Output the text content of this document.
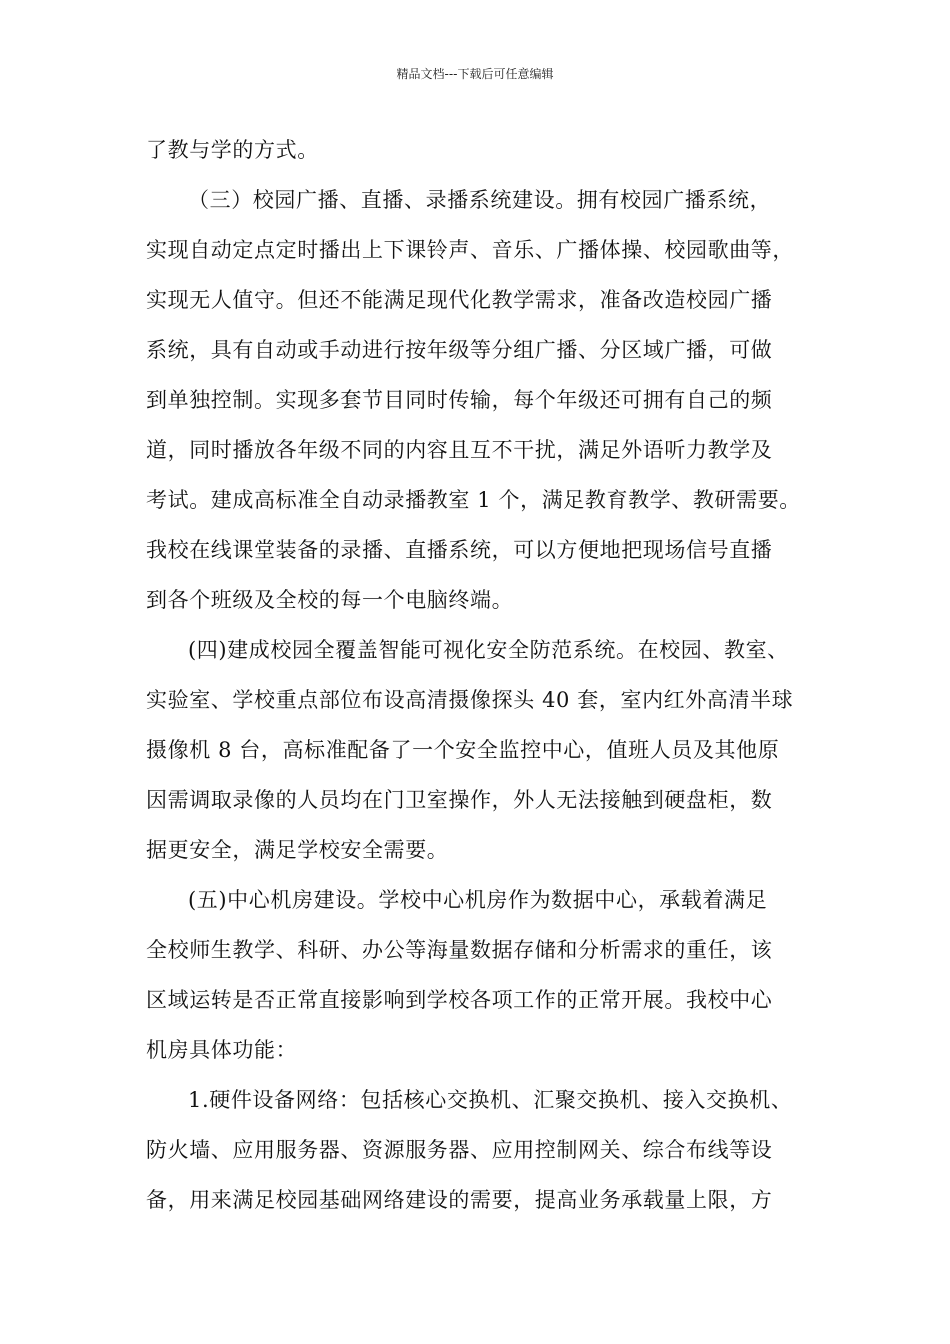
精品文档---下载后可任意编辑
了教与学的方式。
（三）校园广播、直播、录播系统建设。拥有校园广播系统，
实现自动定点定时播出上下课铃声、音乐、广播体操、校园歌曲等，
实现无人值守。但还不能满足现代化教学需求，准备改造校园广播
系统，具有自动或手动进行按年级等分组广播、分区域广播，可做
到单独控制。实现多套节目同时传输，每个年级还可拥有自己的频
道，同时播放各年级不同的内容且互不干扰，满足外语听力教学及
考试。建成高标准全自动录播教室 1 个，满足教育教学、教研需要。
我校在线课堂装备的录播、直播系统，可以方便地把现场信号直播
到各个班级及全校的每一个电脑终端。
(四)建成校园全覆盖智能可视化安全防范系统。在校园、教室、
实验室、学校重点部位布设高清摄像探头 40 套，室内红外高清半球
摄像机 8 台，高标准配备了一个安全监控中心，值班人员及其他原
因需调取录像的人员均在门卫室操作，外人无法接触到硬盘柜，数
据更安全，满足学校安全需要。
(五)中心机房建设。学校中心机房作为数据中心，承载着满足
全校师生教学、科研、办公等海量数据存储和分析需求的重任，该
区域运转是否正常直接影响到学校各项工作的正常开展。我校中心
机房具体功能：
1.硬件设备网络：包括核心交换机、汇聚交换机、接入交换机、
防火墙、应用服务器、资源服务器、应用控制网关、综合布线等设
备，用来满足校园基础网络建设的需要，提高业务承载量上限，方
